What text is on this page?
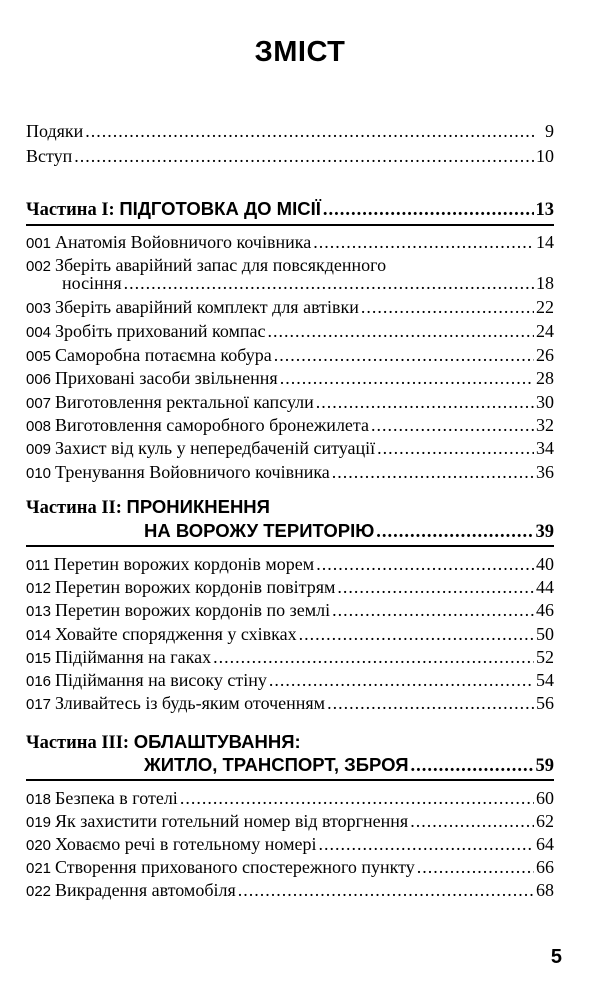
ЗМІСТ
Подяки .....	9
Вступ .....	10
Частина I: ПІДГОТОВКА ДО МІСІЇ .....	13
001 Анатомія Войовничого кочівника .....	14
002 Зберіть аварійний запас для повсякденного
носіння .....	18
003 Зберіть аварійний комплект для автівки .....	22
004 Зробіть прихований компас .....	24
005 Саморобна потаємна кобура .....	26
006 Приховані засоби звільнення .....	28
007 Виготовлення ректальної капсули .....	30
008 Виготовлення саморобного бронежилета .....	32
009 Захист від куль у непередбаченій ситуації .....	34
010 Тренування Войовничого кочівника .....	36
Частина II: ПРОНИКНЕННЯ
НА ВОРОЖУ ТЕРИТОРІЮ .....	39
011 Перетин ворожих кордонів морем .....	40
012 Перетин ворожих кордонів повітрям .....	44
013 Перетин ворожих кордонів по землі .....	46
014 Ховайте спорядження у схівках .....	50
015 Підіймання на гаках .....	52
016 Підіймання на високу стіну .....	54
017 Зливайтесь із будь-яким оточенням .....	56
Частина III: ОБЛАШТУВАННЯ:
ЖИТЛО, ТРАНСПОРТ, ЗБРОЯ .....	59
018 Безпека в готелі .....	60
019 Як захистити готельний номер від вторгнення .....	62
020 Ховаємо речі в готельному номері .....	64
021 Створення прихованого спостережного пункту .....	66
022 Викрадення автомобіля .....	68
5
